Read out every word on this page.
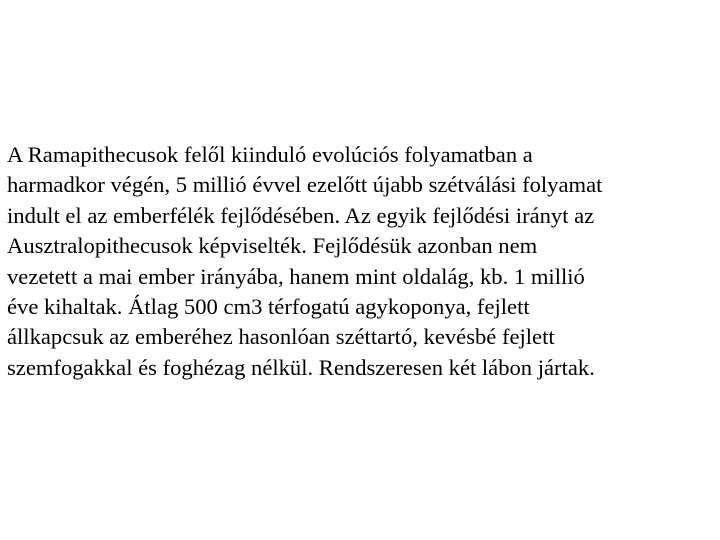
A Ramapithecusok felől kiinduló evolúciós folyamatban a
harmadkor végén, 5 millió évvel ezelőtt újabb szétválási folyamat
indult el az emberfélék fejlődésében. Az egyik fejlődési irányt az
Ausztralopithecusok képviselték. Fejlődésük azonban nem
vezetett a mai ember irányába, hanem mint oldalág, kb. 1 millió
éve kihaltak. Átlag 500 cm3 térfogatú agykoponya, fejlett
állkapcsuk az emberéhez hasonlóan széttartó, kevésbé fejlett
szemfogakkal és foghézag nélkül. Rendszeresen két lábon jártak.
